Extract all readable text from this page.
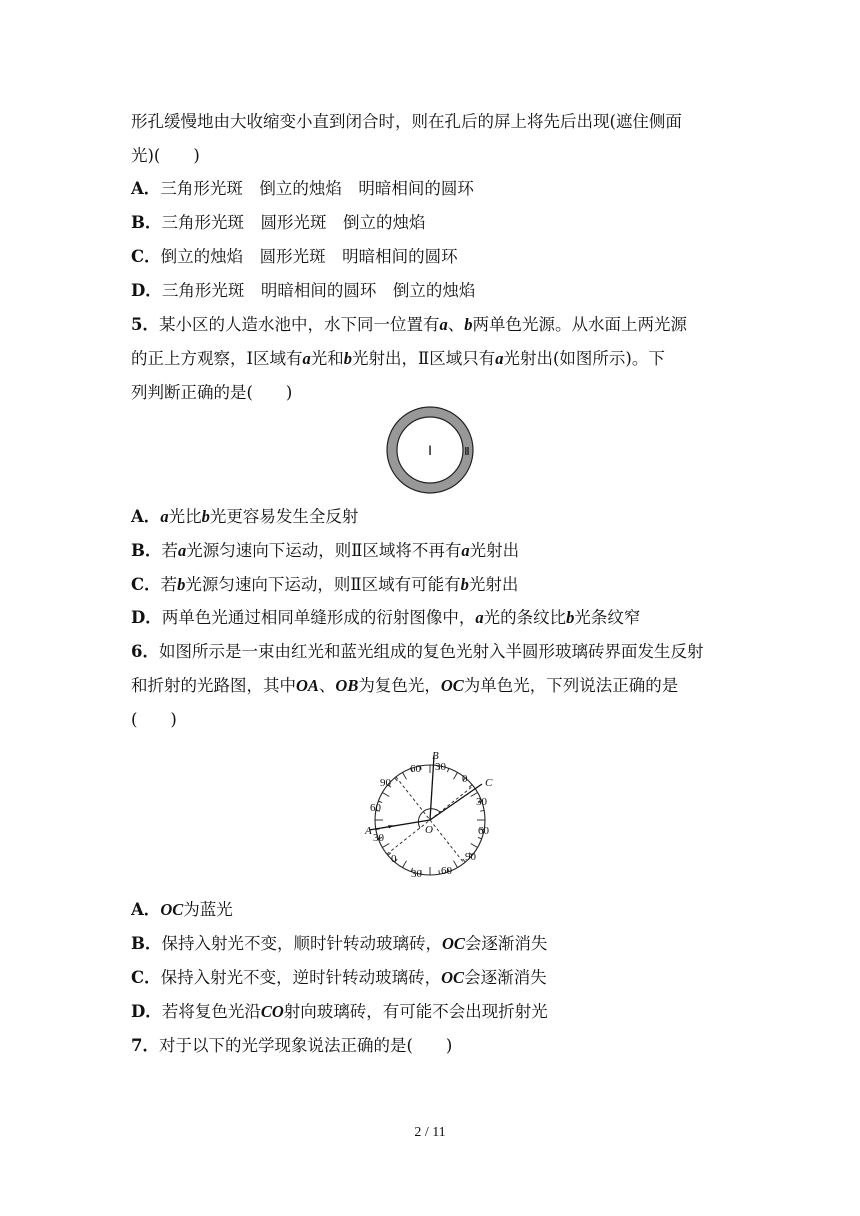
形孔缓慢地由大收缩变小直到闭合时，则在孔后的屏上将先后出现(遮住侧面
光)(　　)
A．三角形光斑　倒立的烛焰　明暗相间的圆环
B．三角形光斑　圆形光斑　倒立的烛焰
C．倒立的烛焰　圆形光斑　明暗相间的圆环
D．三角形光斑　明暗相间的圆环　倒立的烛焰
5．某小区的人造水池中，水下同一位置有a、b两单色光源。从水面上两光源
的正上方观察，Ⅰ区域有a光和b光射出，Ⅱ区域只有a光射出(如图所示)。下
列判断正确的是(　　)
Ⅰ	Ⅱ
A．a光比b光更容易发生全反射
B．若a光源匀速向下运动，则Ⅱ区域将不再有a光射出
C．若b光源匀速向下运动，则Ⅱ区域有可能有b光射出
D．两单色光通过相同单缝形成的衍射图像中，a光的条纹比b光条纹窄
6．如图所示是一束由红光和蓝光组成的复色光射入半圆形玻璃砖界面发生反射
和折射的光路图，其中OA、OB为复色光，OC为单色光，下列说法正确的是
(　　)
A
B
C
O
90
60
30
0
30 60
90
60 30
0
30
60
A．OC为蓝光
B．保持入射光不变，顺时针转动玻璃砖，OC会逐渐消失
C．保持入射光不变，逆时针转动玻璃砖，OC会逐渐消失
D．若将复色光沿CO射向玻璃砖，有可能不会出现折射光
7．对于以下的光学现象说法正确的是(　　)
2 / 11
